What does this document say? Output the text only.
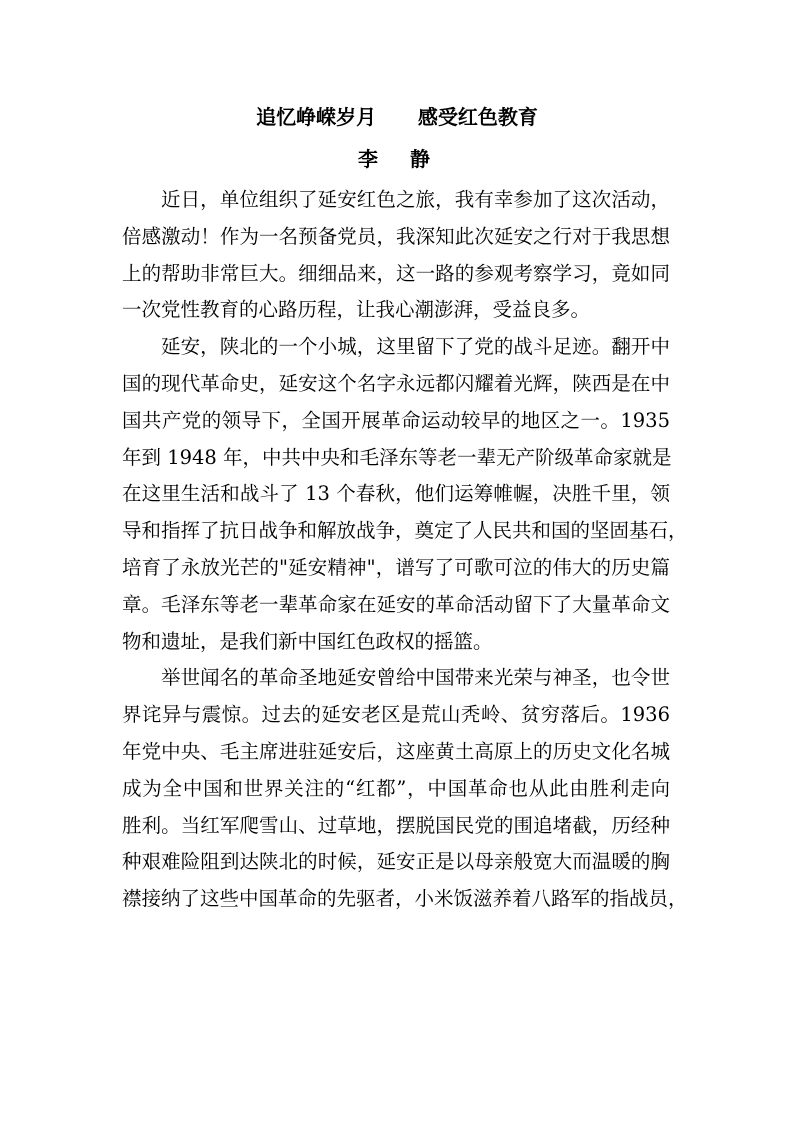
追忆峥嵘岁月      感受红色教育
李  静
近日，单位组织了延安红色之旅，我有幸参加了这次活动，
倍感激动！作为一名预备党员，我深知此次延安之行对于我思想
上的帮助非常巨大。细细品来，这一路的参观考察学习，竟如同
一次党性教育的心路历程，让我心潮澎湃，受益良多。
延安，陕北的一个小城，这里留下了党的战斗足迹。翻开中
国的现代革命史，延安这个名字永远都闪耀着光辉，陕西是在中
国共产党的领导下，全国开展革命运动较早的地区之一。1935
年到 1948 年，中共中央和毛泽东等老一辈无产阶级革命家就是
在这里生活和战斗了 13 个春秋，他们运筹帷幄，决胜千里，领
导和指挥了抗日战争和解放战争，奠定了人民共和国的坚固基石，
培育了永放光芒的"延安精神"，谱写了可歌可泣的伟大的历史篇
章。毛泽东等老一辈革命家在延安的革命活动留下了大量革命文
物和遗址，是我们新中国红色政权的摇篮。
举世闻名的革命圣地延安曾给中国带来光荣与神圣，也令世
界诧异与震惊。过去的延安老区是荒山秃岭、贫穷落后。1936
年党中央、毛主席进驻延安后，这座黄土高原上的历史文化名城
成为全中国和世界关注的“红都”，中国革命也从此由胜利走向
胜利。当红军爬雪山、过草地，摆脱国民党的围追堵截，历经种
种艰难险阻到达陕北的时候，延安正是以母亲般宽大而温暖的胸
襟接纳了这些中国革命的先驱者，小米饭滋养着八路军的指战员，
